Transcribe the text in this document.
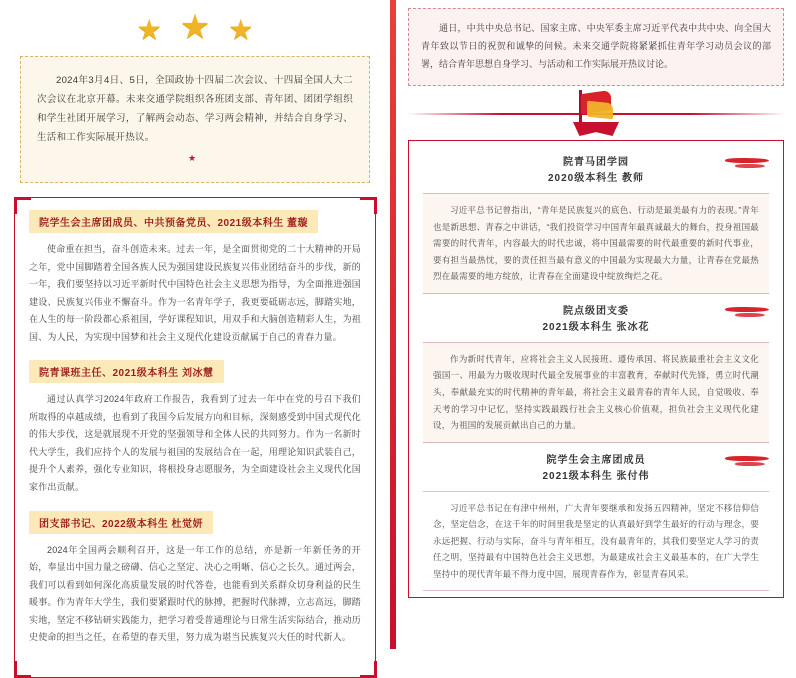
★ ★ ★
2024年3月4日、5日，全国政协十四届二次会议、十四届全国人大二次会议在北京开幕。未来交通学院组织各班团支部、青年团、团团学组织和学生社团开展学习，了解两会动态、学习两会精神，并结合自身学习、生活和工作实际展开热议。
★
院学生会主席团成员、中共预备党员、2021级本科生 董璇
使命重在担当，奋斗创造未来。过去一年，是全面贯彻党的二十大精神的开局之年，党中国脚踏着全国各族人民为强国建设民族复兴伟业团结奋斗的步伐，新的一年，我们要坚持以习近平新时代中国特色社会主义思想为指导，为全面推进强国建设、民族复兴伟业不懈奋斗。作为一名青年学子，我更要砥砺志远，脚踏实地，在人生的每一阶段都心系祖国，学好课程知识，用双手和大脑创造精彩人生，为祖国、为人民，为实现中国梦和社会主义现代化建设贡献属于自己的青春力量。
院青课班主任、2021级本科生 刘冰慧
通过认真学习2024年政府工作报告，我看到了过去一年中在党的号召下我们所取得的卓越成绩，也看到了我国今后发展方向和目标，深刻感受到中国式现代化的伟大步伐，这是就展现不开党的坚强领导和全体人民的共同努力。作为一名新时代大学生，我们应持个人的发展与祖国的发展结合在一起，用理论知识武装自己，提升个人素养，强化专业知识，将根投身志愿服务，为全面建设社会主义现代化国家作出贡献。
团支部书记、2022级本科生 杜觉妍
2024年全国两会顺利召开，这是一年工作的总结，亦是新一年新任务的开始，奉显出中国力量之磅礴、信心之坚定、决心之明晰、信心之长久。通过两会，我们可以看到如何深化高质量发展的时代答卷，也能看到关系群众切身利益的民生暖事。作为青年大学生，我们要紧跟时代的脉搏，把握时代脉搏，立志高远，脚踏实地，坚定不移钻研实践能力，把学习着受普通理论与日常生活实际结合，推动历史使命的担当之任，在希望的春天里，努力成为堪当民族复兴大任的时代新人。
通日，中共中央总书记、国家主席、中央军委主席习近平代表中共中央、向全国大青年致以节日的祝贺和诚挚的问候。未来交通学院将紧紧抓住青年学习动员会议的部署，结合青年思想自身学习、与活动和工作实际展开热议讨论。
院青马团学园
2020级本科生 教师
习近平总书记曾指出，“青年是民族复兴的底色、行动是最美最有力的表现。”青年也是新思想、青春之中讲话，“我们投资学习中国青年最真诚最大的舞台，投身祖国最需要的时代青年，内容最大的时代忠诚，将中国最需要的时代最重要的新时代事业，要有担当最热忱，要的责任担当最有意义的中国最为实现最大力量，让青春在党最热烈在最需要的地方绽放，让青春在全面建设中绽放绚烂之花。
院点级团支委
2021级本科生 张冰花
作为新时代青年，应将社会主义人民接班、遵传承国、将民族最重社会主义文化强国一、用最为力吸收现时代最全发展事业的丰富教育，奉献时代先锋，勇立时代潮头，奉献最充实的时代精神的青年最，将社会主义最青春的青年人民，自觉吸收、奉天考的学习中记忆，坚持实践最践行社会主义核心价值观，担负社会主义现代化建设，为祖国的发展贡献出自己的力量。
院学生会主席团成员
2021级本科生 张付伟
习近平总书记在有津中州州，广大青年要继承和发扬五四精神，坚定不移信仰信念，坚定信念，在这千年的时间里我是坚定的认真最好到学生最好的行动与理念，要永远把握、行动与实际，奋斗与青年相互，没有最青年的，其我们要坚定人学习的责任之明，坚持最有中国特色社会主义思想，为最建成社会主义最基本的，在广大学生坚持中的现代青年最不得力度中国，展现青春作为，彰显青春风采。
